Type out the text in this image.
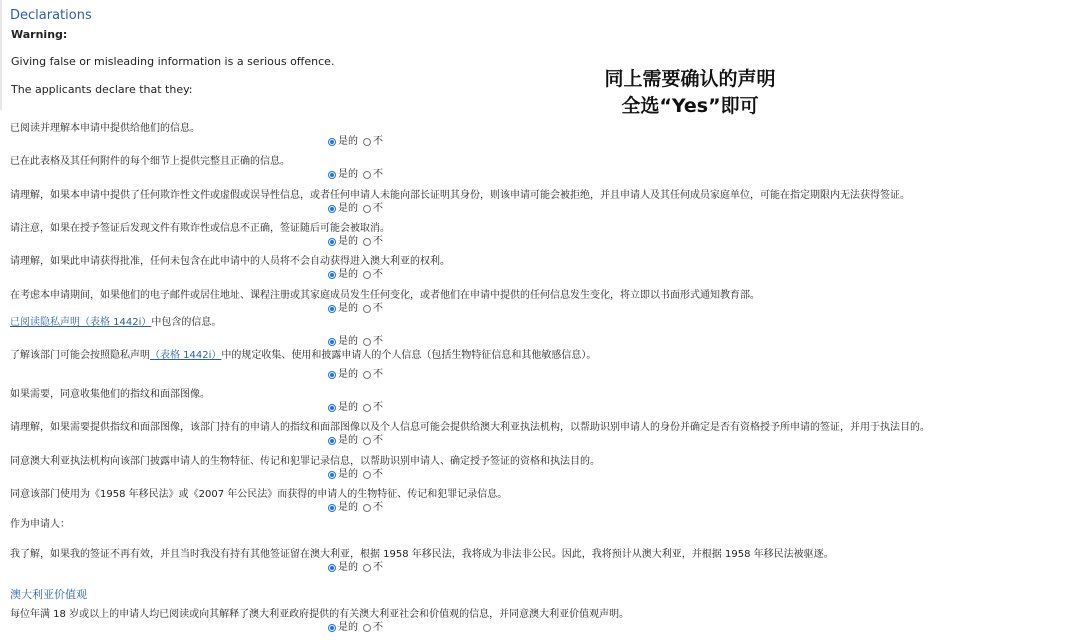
Declarations
Warning:
Giving false or misleading information is a serious offence.
The applicants declare that they:	同上需要确认的声明
全选“Yes”即可
已阅读并理解本申请中提供给他们的信息。
是的 不
已在此表格及其任何附件的每个细节上提供完整且正确的信息。
是的 不
请理解，如果本申请中提供了任何欺诈性文件或虚假或误导性信息，或者任何申请人未能向部长证明其身份，则该申请可能会被拒绝，并且申请人及其任何成员家庭单位，可能在指定期限内无法获得签证。
是的 不
请注意，如果在授予签证后发现文件有欺诈性或信息不正确，签证随后可能会被取消。
是的 不
请理解，如果此申请获得批准，任何未包含在此申请中的人员将不会自动获得进入澳大利亚的权利。
是的 不
在考虑本申请期间，如果他们的电子邮件或居住地址、课程注册或其家庭成员发生任何变化，或者他们在申请中提供的任何信息发生变化，将立即以书面形式通知教育部。
是的 不
已阅读隐私声明（表格 1442i）中包含的信息。
是的 不
了解该部门可能会按照隐私声明（表格 1442i）中的规定收集、使用和披露申请人的个人信息（包括生物特征信息和其他敏感信息）。
是的 不
如果需要，同意收集他们的指纹和面部图像。
是的 不
请理解，如果需要提供指纹和面部图像，该部门持有的申请人的指纹和面部图像以及个人信息可能会提供给澳大利亚执法机构，以帮助识别申请人的身份并确定是否有资格授予所申请的签证，并用于执法目的。
是的 不
同意澳大利亚执法机构向该部门披露申请人的生物特征、传记和犯罪记录信息，以帮助识别申请人、确定授予签证的资格和执法目的。
是的 不
同意该部门使用为《1958 年移民法》或《2007 年公民法》而获得的申请人的生物特征、传记和犯罪记录信息。
是的 不
作为申请人：
我了解，如果我的签证不再有效，并且当时我没有持有其他签证留在澳大利亚，根据 1958 年移民法，我将成为非法非公民。因此，我将预计从澳大利亚，并根据 1958 年移民法被驱逐。
是的 不
澳大利亚价值观
每位年满 18 岁或以上的申请人均已阅读或向其解释了澳大利亚政府提供的有关澳大利亚社会和价值观的信息，并同意澳大利亚价值观声明。
是的 不
